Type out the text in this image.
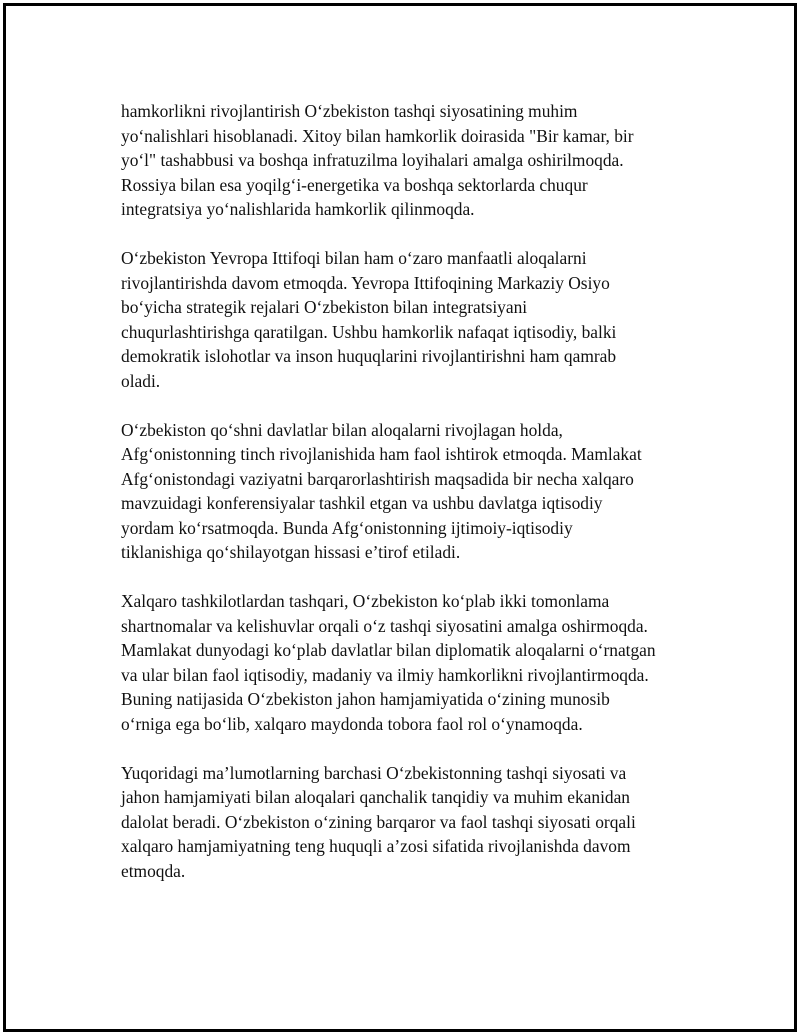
hamkorlikni rivojlantirish O‘zbekiston tashqi siyosatining muhim
yo‘nalishlari hisoblanadi. Xitoy bilan hamkorlik doirasida "Bir kamar, bir
yo‘l" tashabbusi va boshqa infratuzilma loyihalari amalga oshirilmoqda.
Rossiya bilan esa yoqilg‘i-energetika va boshqa sektorlarda chuqur
integratsiya yo‘nalishlarida hamkorlik qilinmoqda.

O‘zbekiston Yevropa Ittifoqi bilan ham o‘zaro manfaatli aloqalarni
rivojlantirishda davom etmoqda. Yevropa Ittifoqining Markaziy Osiyo
bo‘yicha strategik rejalari O‘zbekiston bilan integratsiyani
chuqurlashtirishga qaratilgan. Ushbu hamkorlik nafaqat iqtisodiy, balki
demokratik islohotlar va inson huquqlarini rivojlantirishni ham qamrab
oladi.

O‘zbekiston qo‘shni davlatlar bilan aloqalarni rivojlagan holda,
Afg‘onistonning tinch rivojlanishida ham faol ishtirok etmoqda. Mamlakat
Afg‘onistondagi vaziyatni barqarorlashtirish maqsadida bir necha xalqaro
mavzuidagi konferensiyalar tashkil etgan va ushbu davlatga iqtisodiy
yordam ko‘rsatmoqda. Bunda Afg‘onistonning ijtimoiy-iqtisodiy
tiklanishiga qo‘shilayotgan hissasi e’tirof etiladi.

Xalqaro tashkilotlardan tashqari, O‘zbekiston ko‘plab ikki tomonlama
shartnomalar va kelishuvlar orqali o‘z tashqi siyosatini amalga oshirmoqda.
Mamlakat dunyodagi ko‘plab davlatlar bilan diplomatik aloqalarni o‘rnatgan
va ular bilan faol iqtisodiy, madaniy va ilmiy hamkorlikni rivojlantirmoqda.
Buning natijasida O‘zbekiston jahon hamjamiyatida o‘zining munosib
o‘rniga ega bo‘lib, xalqaro maydonda tobora faol rol o‘ynamoqda.

Yuqoridagi ma’lumotlarning barchasi O‘zbekistonning tashqi siyosati va
jahon hamjamiyati bilan aloqalari qanchalik tanqidiy va muhim ekanidan
dalolat beradi. O‘zbekiston o‘zining barqaror va faol tashqi siyosati orqali
xalqaro hamjamiyatning teng huquqli a’zosi sifatida rivojlanishda davom
etmoqda.
